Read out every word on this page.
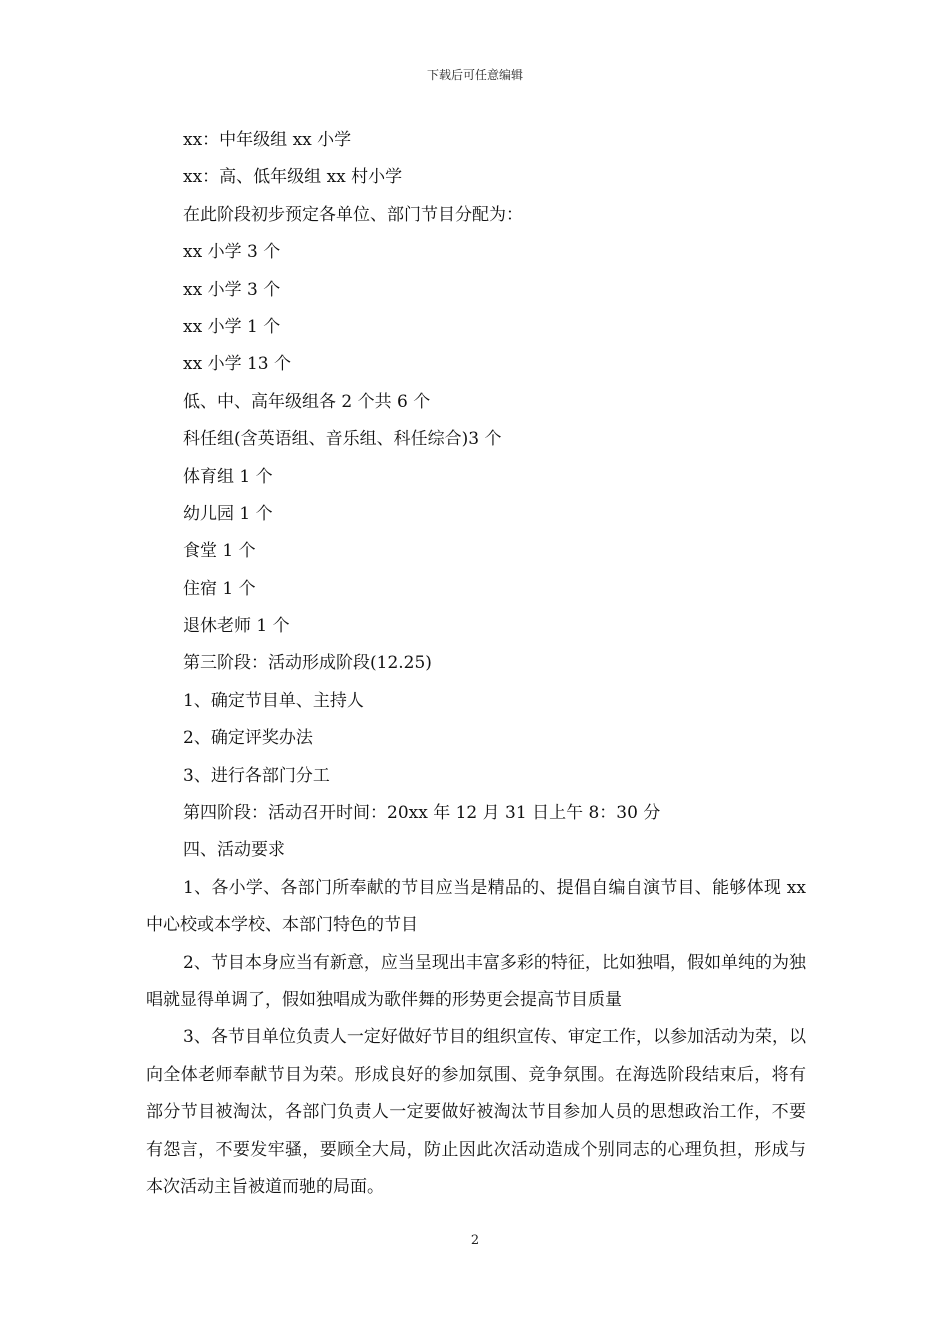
下载后可任意编辑
xx：中年级组 xx 小学
xx：高、低年级组 xx 村小学
在此阶段初步预定各单位、部门节目分配为：
xx 小学 3 个
xx 小学 3 个
xx 小学 1 个
xx 小学 13 个
低、中、高年级组各 2 个共 6 个
科任组(含英语组、音乐组、科任综合)3 个
体育组 1 个
幼儿园 1 个
食堂 1 个
住宿 1 个
退休老师 1 个
第三阶段：活动形成阶段(12.25)
1、确定节目单、主持人
2、确定评奖办法
3、进行各部门分工
第四阶段：活动召开时间：20xx 年 12 月 31 日上午 8：30 分
四、活动要求

1、各小学、各部门所奉献的节目应当是精品的、提倡自编自演节目、能够体现 xx 中心校或本学校、本部门特色的节目

2、节目本身应当有新意，应当呈现出丰富多彩的特征，比如独唱，假如单纯的为独唱就显得单调了，假如独唱成为歌伴舞的形势更会提高节目质量

3、各节目单位负责人一定好做好节目的组织宣传、审定工作，以参加活动为荣，以向全体老师奉献节目为荣。形成良好的参加氛围、竞争氛围。在海选阶段结束后，将有部分节目被淘汰，各部门负责人一定要做好被淘汰节目参加人员的思想政治工作，不要有怨言，不要发牢骚，要顾全大局，防止因此次活动造成个别同志的心理负担，形成与本次活动主旨被道而驰的局面。

2
